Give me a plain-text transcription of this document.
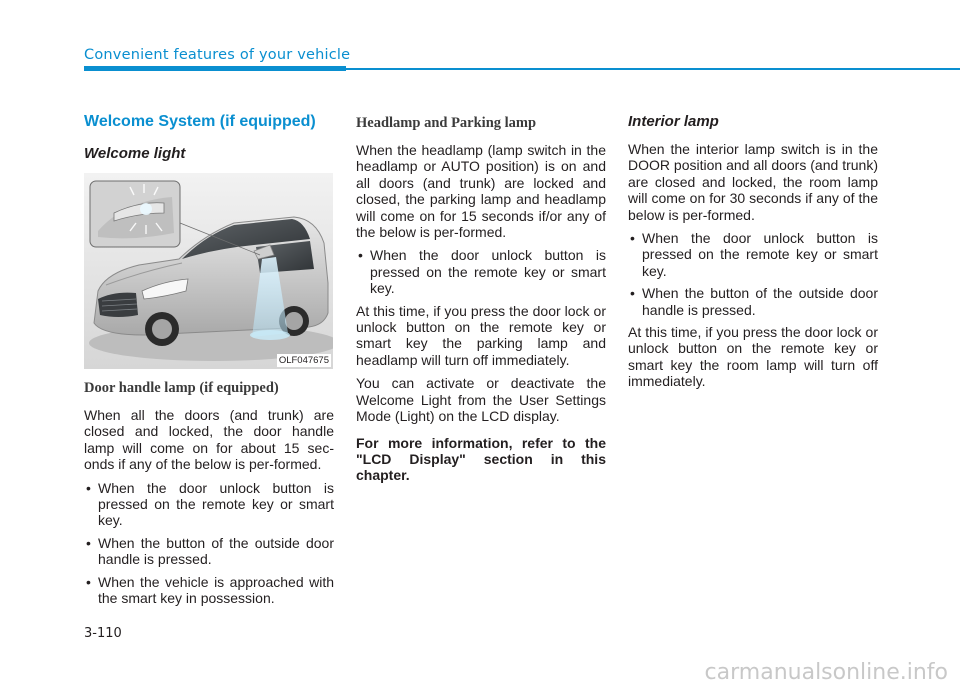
Convenient features of your vehicle
Welcome System (if equipped)
Welcome light
OLF047675
Door handle lamp (if equipped)
When all the doors (and trunk) are closed and locked, the door handle lamp will come on for about 15 sec-onds if any of the below is per-formed.
• When the door unlock button is pressed on the remote key or smart key.
• When the button of the outside door handle is pressed.
• When the vehicle is approached with the smart key in possession.
Headlamp and Parking lamp
When the headlamp (lamp switch in the headlamp or AUTO position) is on and all doors (and trunk) are locked and closed, the parking lamp and headlamp will come on for 15 seconds if/or any of the below is per-formed.
• When the door unlock button is pressed on the remote key or smart key.
At this time, if you press the door lock or unlock button on the remote key or smart key the parking lamp and headlamp will turn off immediately.
You can activate or deactivate the Welcome Light from the User Settings Mode (Light) on the LCD display.
For more information, refer to the "LCD Display" section in this chapter.
Interior lamp
When the interior lamp switch is in the DOOR position and all doors (and trunk) are closed and locked, the room lamp will come on for 30 seconds if any of the below is per-formed.
• When the door unlock button is pressed on the remote key or smart key.
• When the button of the outside door handle is pressed.
At this time, if you press the door lock or unlock button on the remote key or smart key the room lamp will turn off immediately.
3-110
carmanualsonline.info
